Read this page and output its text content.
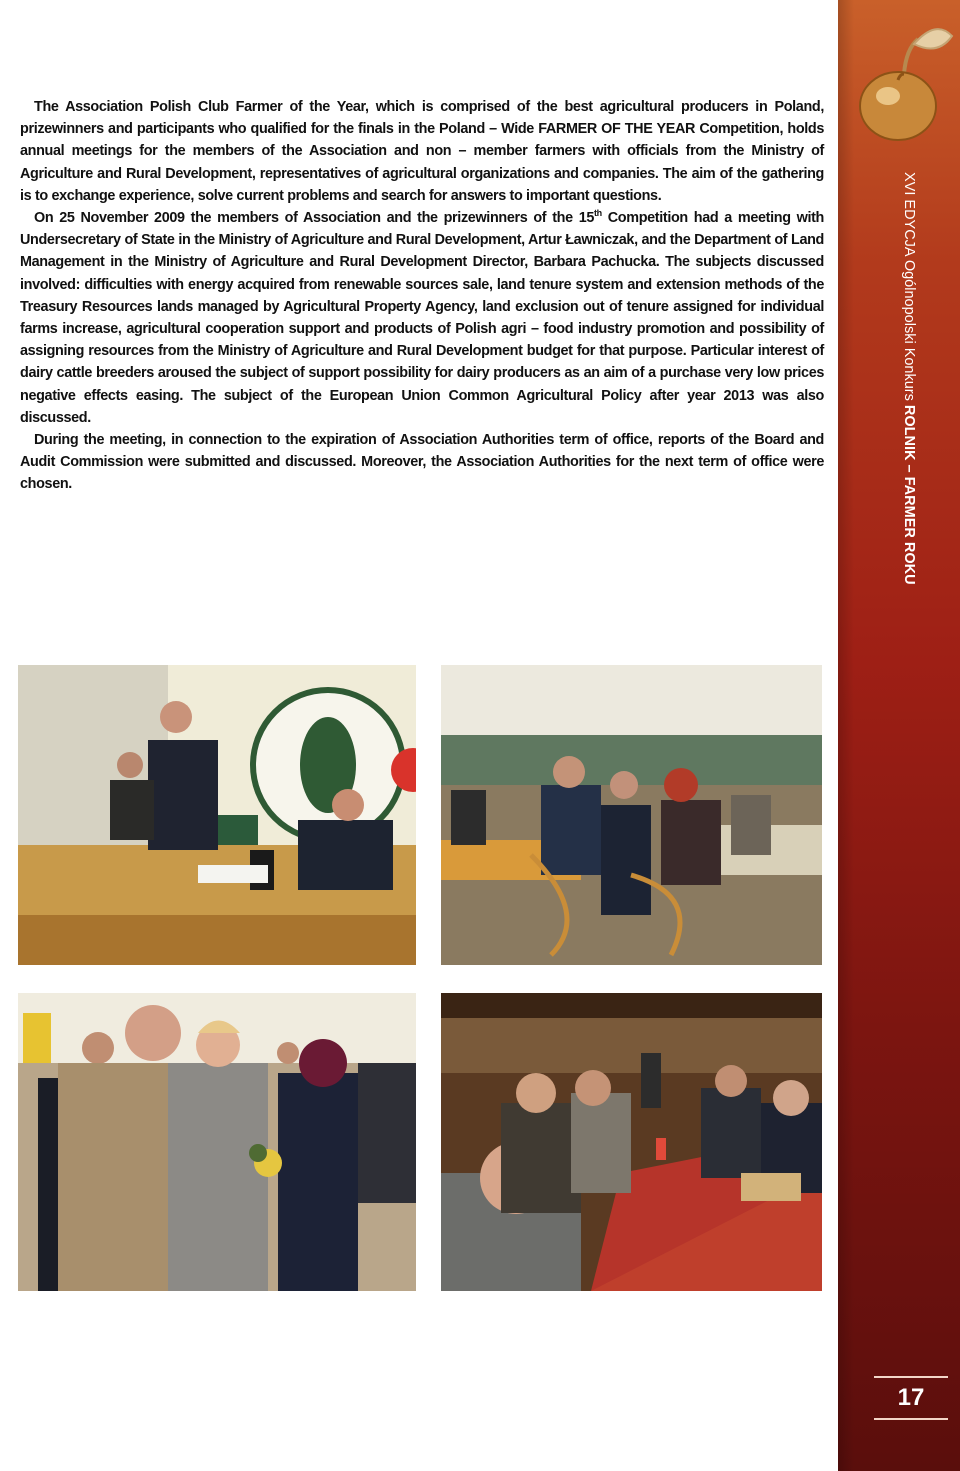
The Association Polish Club Farmer of the Year, which is comprised of the best agricultural producers in Poland, prizewinners and participants who qualified for the finals in the Poland – Wide FARMER OF THE YEAR Competition, holds annual meetings for the members of the Association and non – member farmers with officials from the Ministry of Agriculture and Rural Development, representatives of agricultural organizations and companies. The aim of the gathering is to exchange experience, solve current problems and search for answers to important questions.

On 25 November 2009 the members of Association and the prizewinners of the 15th Competition had a meeting with Undersecretary of State in the Ministry of Agriculture and Rural Development, Artur Ławniczak, and the Department of Land Management in the Ministry of Agriculture and Rural Development Director, Barbara Pachucka. The subjects discussed involved: difficulties with energy acquired from renewable sources sale, land tenure system and extension methods of the Treasury Resources lands managed by Agricultural Property Agency, land exclusion out of tenure assigned for individual farms increase, agricultural cooperation support and products of Polish agri – food industry promotion and possibility of assigning resources from the Ministry of Agriculture and Rural Development budget for that purpose. Particular interest of dairy cattle breeders aroused the subject of support possibility for dairy producers as an aim of a purchase very low prices negative effects easing. The subject of the European Union Common Agricultural Policy after year 2013 was also discussed.

During the meeting, in connection to the expiration of Association Authorities term of office, reports of the Board and Audit Commission were submitted and discussed. Moreover, the Association Authorities for the next term of office were chosen.

XVI EDYCJA Ogólnopolski Konkurs ROLNIK – FARMER ROKU
17
